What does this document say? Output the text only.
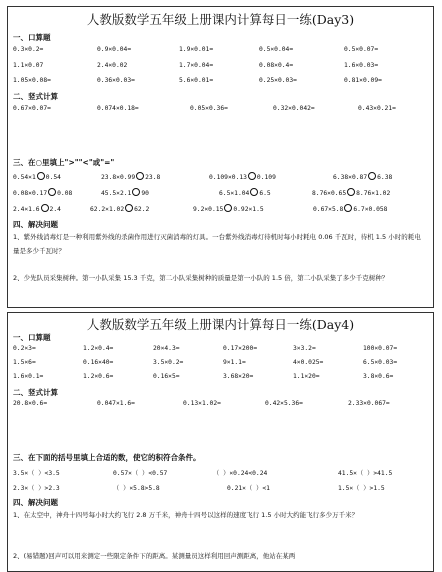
人教版数学五年级上册课内计算每日一练(Day3)
一、口算题
0.3×0.2=	0.9×0.04=	1.9×0.01=	0.5×0.04=	0.5×0.07=
1.1×0.07	2.4×0.02	1.7×0.04=	0.08×0.4=	1.6×0.03=
1.05×0.08=	0.36×0.03=	5.6×0.01=	0.25×0.03=	0.81×0.09=
二、竖式计算
0.67×0.07=	0.074×0.18=	0.05×0.36=	0.32×0.042=	0.43×0.21=
三、在○里填上">""<"或"="
0.54×1 0.54	23.8×0.99 23.8	0.109×0.13 0.109	6.38×0.87 6.38
0.08×0.17 0.08	45.5×2.1 90	6.5×1.04 6.5	8.76×0.65 8.76×1.02
2.4×1.6 2.4	62.2×1.02 62.2	9.2×0.15 0.92×1.5	0.67×5.8 6.7×0.058
四、解决问题
1、紫外线消毒灯是一种利用紫外线的杀菌作用进行灭菌消毒的灯具。一台紫外线消毒灯待机时每小时耗电 0.06 千瓦时，待机 1.5 小时的耗电量是多少千瓦时？
2、少先队员采集树种。第一小队采集 15.3 千克，第二小队采集树种的质量是第一小队的 1.5 倍，第二小队采集了多少千克树种？
人教版数学五年级上册课内计算每日一练(Day4)
一、口算题
0.2×3=	1.2×0.4=	20×4.3=	0.17×200=	3×3.2=	100×0.07=
1.5×6=	0.16×40=	3.5×0.2=	9×1.1=	4×0.025=	6.5×0.03=
1.6×0.1=	1.2×0.6=	0.16×5=	3.68×20=	1.1×20=	3.8×0.6=
二、竖式计算
20.8×0.6=	0.047×1.6=	0.13×1.02=	0.42×5.36=	2.33×0.067=
三、在下面的括号里填上合适的数，使它的积符合条件。
3.5×（ ）<3.5	0.57×（ ）<0.57	（ ）×0.24<0.24	41.5×（ ）>41.5
2.3×（ ）>2.3	（ ）×5.8>5.8	0.21×（ ）<1	1.5×（ ）>1.5
四、解决问题
1、在太空中，神舟十四号每小时大约飞行 2.8 万千米，神舟十四号以这样的速度飞行 1.5 小时大约能飞行多少万千米？
2、(易错题)回声可以用来测定一些限定条件下的距离。某测量员这样利用回声测距离，他站在某两
